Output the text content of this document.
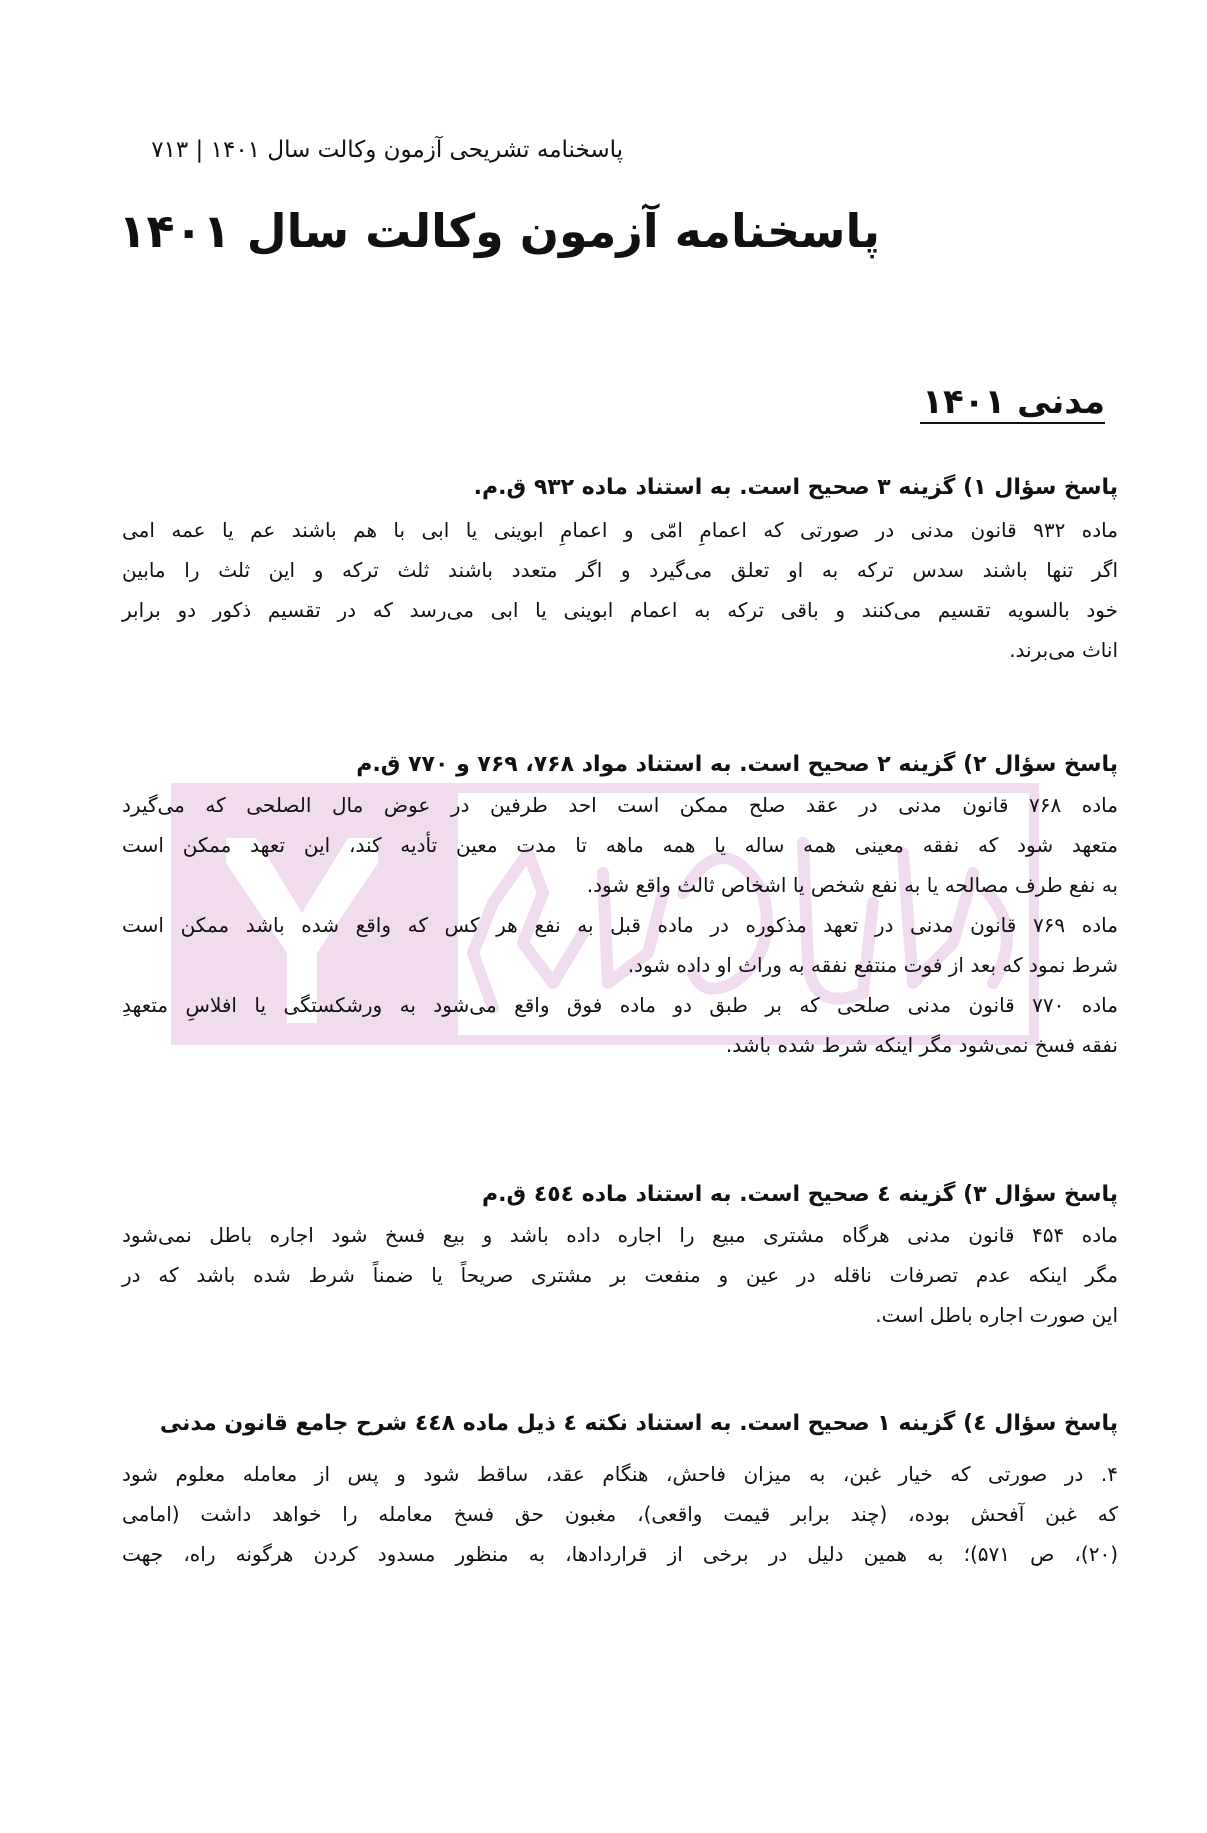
پاسخنامه تشریحی آزمون وکالت سال ۱۴۰۱ | ۷۱۳
پاسخنامه آزمون وکالت سال ۱۴۰۱
مدنی ۱۴۰۱

پاسخ سؤال ۱) گزینه ۳ صحیح است. به استناد ماده ۹۳۲ ق.م.

ماده ۹۳۲ قانون مدنی در صورتی که اعمامِ امّی و اعمامِ ابوینی یا ابی با هم باشند عم یا عمه امی
اگر تنها باشند سدس ترکه به او تعلق می‌گیرد و اگر متعدد باشند ثلث ترکه و این ثلث را مابین
خود بالسویه تقسیم می‌کنند و باقی ترکه به اعمام ابوینی یا ابی می‌رسد که در تقسیم ذکور دو برابر
اناث می‌برند.

پاسخ سؤال ۲) گزینه ۲ صحیح است. به استناد مواد ۷۶۸، ۷۶۹ و ۷۷۰ ق.م

ماده ۷۶۸ قانون مدنی در عقد صلح ممکن است احد طرفین در عوض مال الصلحی که می‌گیرد
متعهد شود که نفقه معینی همه ساله یا همه ماهه تا مدت معین تأدیه کند، این تعهد ممکن است
به نفع طرف مصالحه یا به نفع شخص یا اشخاص ثالث واقع شود.
ماده ۷۶۹ قانون مدنی در تعهد مذکوره در ماده قبل به نفع هر کس که واقع شده باشد ممکن است
شرط نمود که بعد از فوت منتفع نفقه به وراث او داده شود.
ماده ۷۷۰ قانون مدنی صلحی که بر طبق دو ماده فوق واقع می‌شود به ورشکستگی یا افلاسِ متعهدِ
نفقه فسخ نمی‌شود مگر اینکه شرط شده باشد.

پاسخ سؤال ۳) گزینه ٤ صحیح است. به استناد ماده ٤٥٤ ق.م

ماده ۴۵۴ قانون مدنی هرگاه مشتری مبیع را اجاره داده باشد و بیع فسخ شود اجاره باطل نمی‌شود
مگر اینکه عدم تصرفات ناقله در عین و منفعت بر مشتری صریحاً یا ضمناً شرط شده باشد که در
این صورت اجاره باطل است.

پاسخ سؤال ٤) گزینه ۱ صحیح است. به استناد نکته ٤ ذیل ماده ٤٤٨ شرح جامع قانون مدنی

۴. در صورتی که خیار غبن، به میزان فاحش، هنگام عقد، ساقط شود و پس از معامله معلوم شود
که غبن آفحش بوده، (چند برابر قیمت واقعی)، مغبون حق فسخ معامله را خواهد داشت (امامی
(۲۰)، ص ۵۷۱)؛ به همین دلیل در برخی از قراردادها، به منظور مسدود کردن هرگونه راه، جهت
